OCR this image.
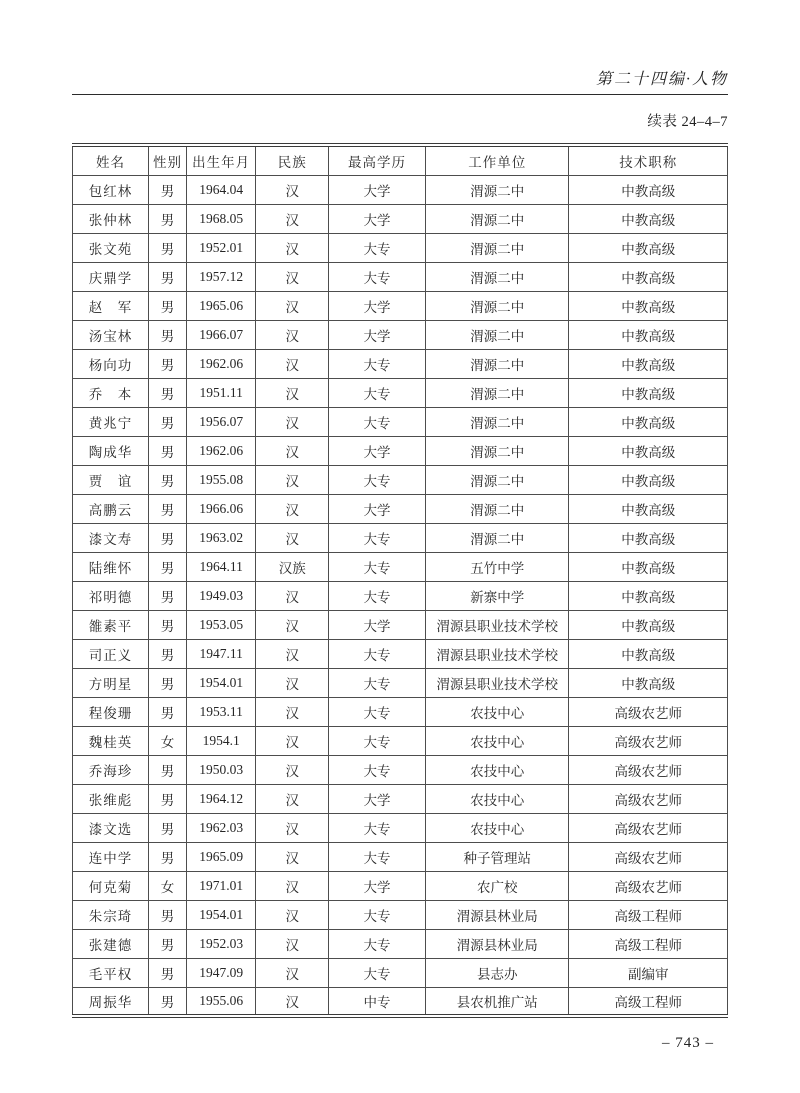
第二十四编·人物
续表 24–4–7
姓名	性别	出生年月	民族	最高学历	工作单位	技术职称
包红林	男	1964.04	汉	大学	渭源二中	中教高级
张仲林	男	1968.05	汉	大学	渭源二中	中教高级
张文苑	男	1952.01	汉	大专	渭源二中	中教高级
庆鼎学	男	1957.12	汉	大专	渭源二中	中教高级
赵　军	男	1965.06	汉	大学	渭源二中	中教高级
汤宝林	男	1966.07	汉	大学	渭源二中	中教高级
杨向功	男	1962.06	汉	大专	渭源二中	中教高级
乔　本	男	1951.11	汉	大专	渭源二中	中教高级
黄兆宁	男	1956.07	汉	大专	渭源二中	中教高级
陶成华	男	1962.06	汉	大学	渭源二中	中教高级
贾　谊	男	1955.08	汉	大专	渭源二中	中教高级
高鹏云	男	1966.06	汉	大学	渭源二中	中教高级
漆文寿	男	1963.02	汉	大专	渭源二中	中教高级
陆维怀	男	1964.11	汉族	大专	五竹中学	中教高级
祁明德	男	1949.03	汉	大专	新寨中学	中教高级
雒素平	男	1953.05	汉	大学	渭源县职业技术学校	中教高级
司正义	男	1947.11	汉	大专	渭源县职业技术学校	中教高级
方明星	男	1954.01	汉	大专	渭源县职业技术学校	中教高级
程俊珊	男	1953.11	汉	大专	农技中心	高级农艺师
魏桂英	女	1954.1	汉	大专	农技中心	高级农艺师
乔海珍	男	1950.03	汉	大专	农技中心	高级农艺师
张维彪	男	1964.12	汉	大学	农技中心	高级农艺师
漆文选	男	1962.03	汉	大专	农技中心	高级农艺师
连中学	男	1965.09	汉	大专	种子管理站	高级农艺师
何克菊	女	1971.01	汉	大学	农广校	高级农艺师
朱宗琦	男	1954.01	汉	大专	渭源县林业局	高级工程师
张建德	男	1952.03	汉	大专	渭源县林业局	高级工程师
毛平权	男	1947.09	汉	大专	县志办	副编审
周振华	男	1955.06	汉	中专	县农机推广站	高级工程师
– 743 –
